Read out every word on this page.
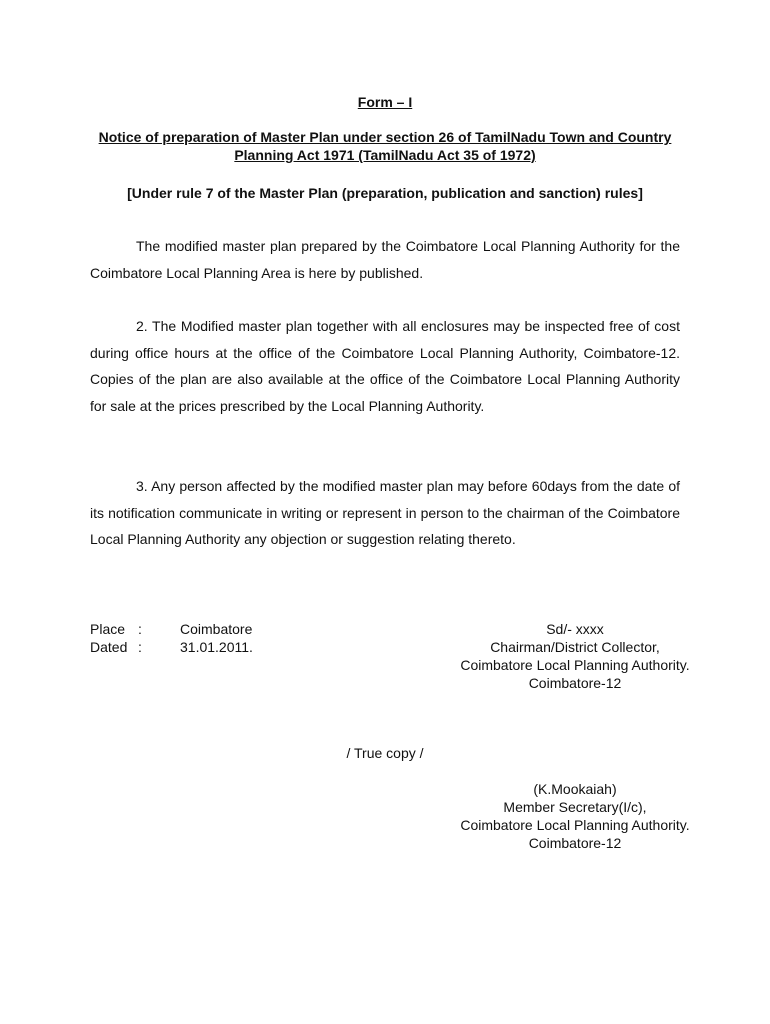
Form – I
Notice of preparation of Master Plan under section 26 of TamilNadu Town and Country Planning Act 1971 (TamilNadu Act 35 of 1972)
[Under rule 7 of the Master Plan (preparation, publication and sanction) rules]
The modified master plan prepared by the Coimbatore Local Planning Authority for the Coimbatore Local Planning Area is here by published.
2. The Modified master plan together with all enclosures may be inspected free of cost during office hours at the office of the Coimbatore Local Planning Authority, Coimbatore-12. Copies of the plan are also available at the office of the Coimbatore Local Planning Authority for sale at the prices prescribed by the Local Planning Authority.
3. Any person affected by the modified master plan may before 60days from the date of its notification communicate in writing or represent in person to the chairman of the Coimbatore Local Planning Authority any objection or suggestion relating thereto.
Place :	Coimbatore
Dated :	31.01.2011.
Sd/- xxxx
Chairman/District Collector,
Coimbatore Local Planning Authority.
Coimbatore-12
/ True copy /
(K.Mookaiah)
Member Secretary(I/c),
Coimbatore Local Planning Authority.
Coimbatore-12
